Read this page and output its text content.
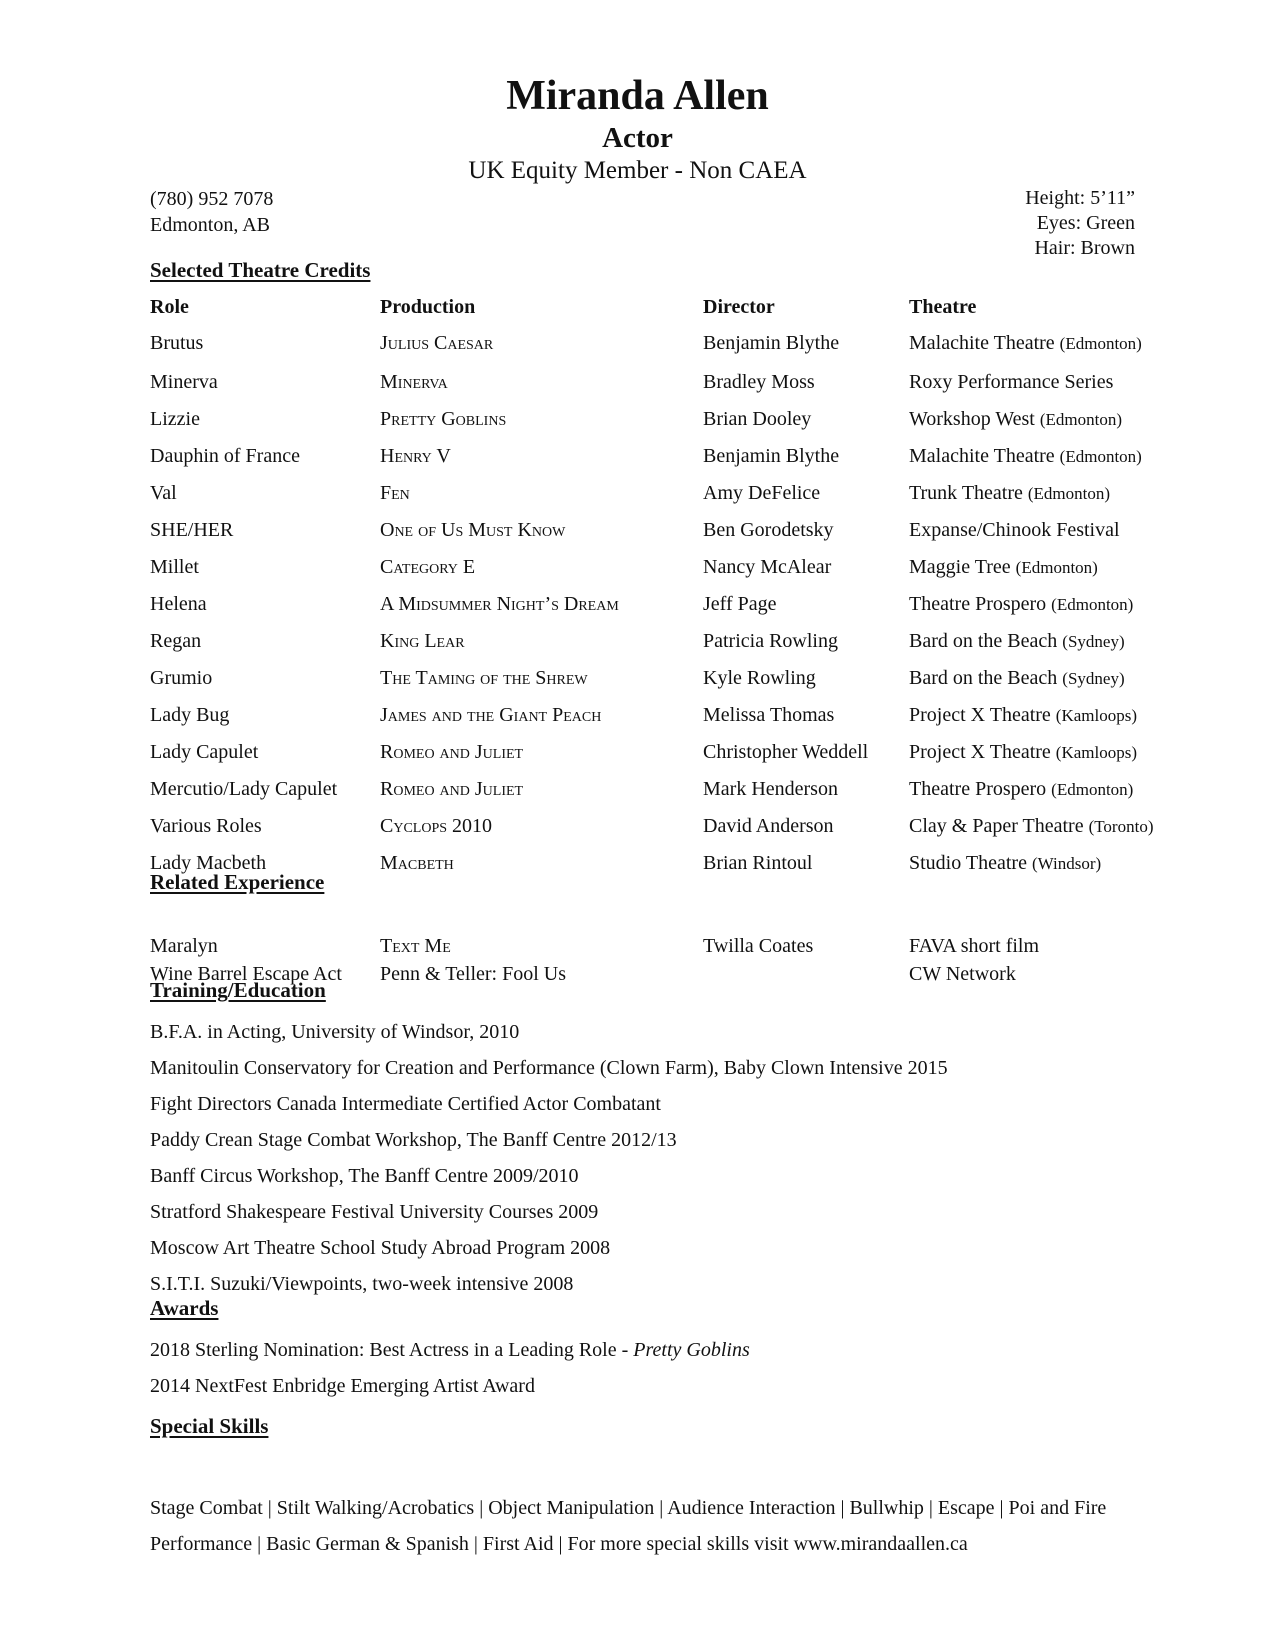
Miranda Allen
Actor
UK Equity Member - Non CAEA
(780) 952 7078
Edmonton, AB
Height: 5’11”
Eyes: Green
Hair: Brown
Selected Theatre Credits
Role	Production	Director	Theatre
Brutus	Julius Caesar	Benjamin Blythe	Malachite Theatre (Edmonton)
Minerva	Minerva	Bradley Moss	Roxy Performance Series
Lizzie	Pretty Goblins	Brian Dooley	Workshop West (Edmonton)
Dauphin of France	Henry V	Benjamin Blythe	Malachite Theatre (Edmonton)
Val	Fen	Amy DeFelice	Trunk Theatre (Edmonton)
SHE/HER	One of Us Must Know	Ben Gorodetsky	Expanse/Chinook Festival
Millet	Category E	Nancy McAlear	Maggie Tree (Edmonton)
Helena	A Midsummer Night’s Dream	Jeff Page	Theatre Prospero (Edmonton)
Regan	King Lear	Patricia Rowling	Bard on the Beach (Sydney)
Grumio	The Taming of the Shrew	Kyle Rowling	Bard on the Beach (Sydney)
Lady Bug	James and the Giant Peach	Melissa Thomas	Project X Theatre (Kamloops)
Lady Capulet	Romeo and Juliet	Christopher Weddell	Project X Theatre (Kamloops)
Mercutio/Lady Capulet	Romeo and Juliet	Mark Henderson	Theatre Prospero (Edmonton)
Various Roles	Cyclops 2010	David Anderson	Clay & Paper Theatre (Toronto)
Lady Macbeth	Macbeth	Brian Rintoul	Studio Theatre (Windsor)
Related Experience
Maralyn	Text Me	Twilla Coates	FAVA short film
Wine Barrel Escape Act	Penn & Teller: Fool Us		CW Network
Training/Education
B.F.A. in Acting, University of Windsor, 2010
Manitoulin Conservatory for Creation and Performance (Clown Farm), Baby Clown Intensive 2015
Fight Directors Canada Intermediate Certified Actor Combatant
Paddy Crean Stage Combat Workshop, The Banff Centre 2012/13
Banff Circus Workshop, The Banff Centre 2009/2010
Stratford Shakespeare Festival University Courses 2009
Moscow Art Theatre School Study Abroad Program 2008
S.I.T.I. Suzuki/Viewpoints, two-week intensive 2008
Awards
2018 Sterling Nomination: Best Actress in a Leading Role - Pretty Goblins
2014 NextFest Enbridge Emerging Artist Award
Special Skills
Stage Combat | Stilt Walking/Acrobatics | Object Manipulation | Audience Interaction | Bullwhip | Escape | Poi and Fire Performance | Basic German & Spanish | First Aid | For more special skills visit www.mirandaallen.ca
